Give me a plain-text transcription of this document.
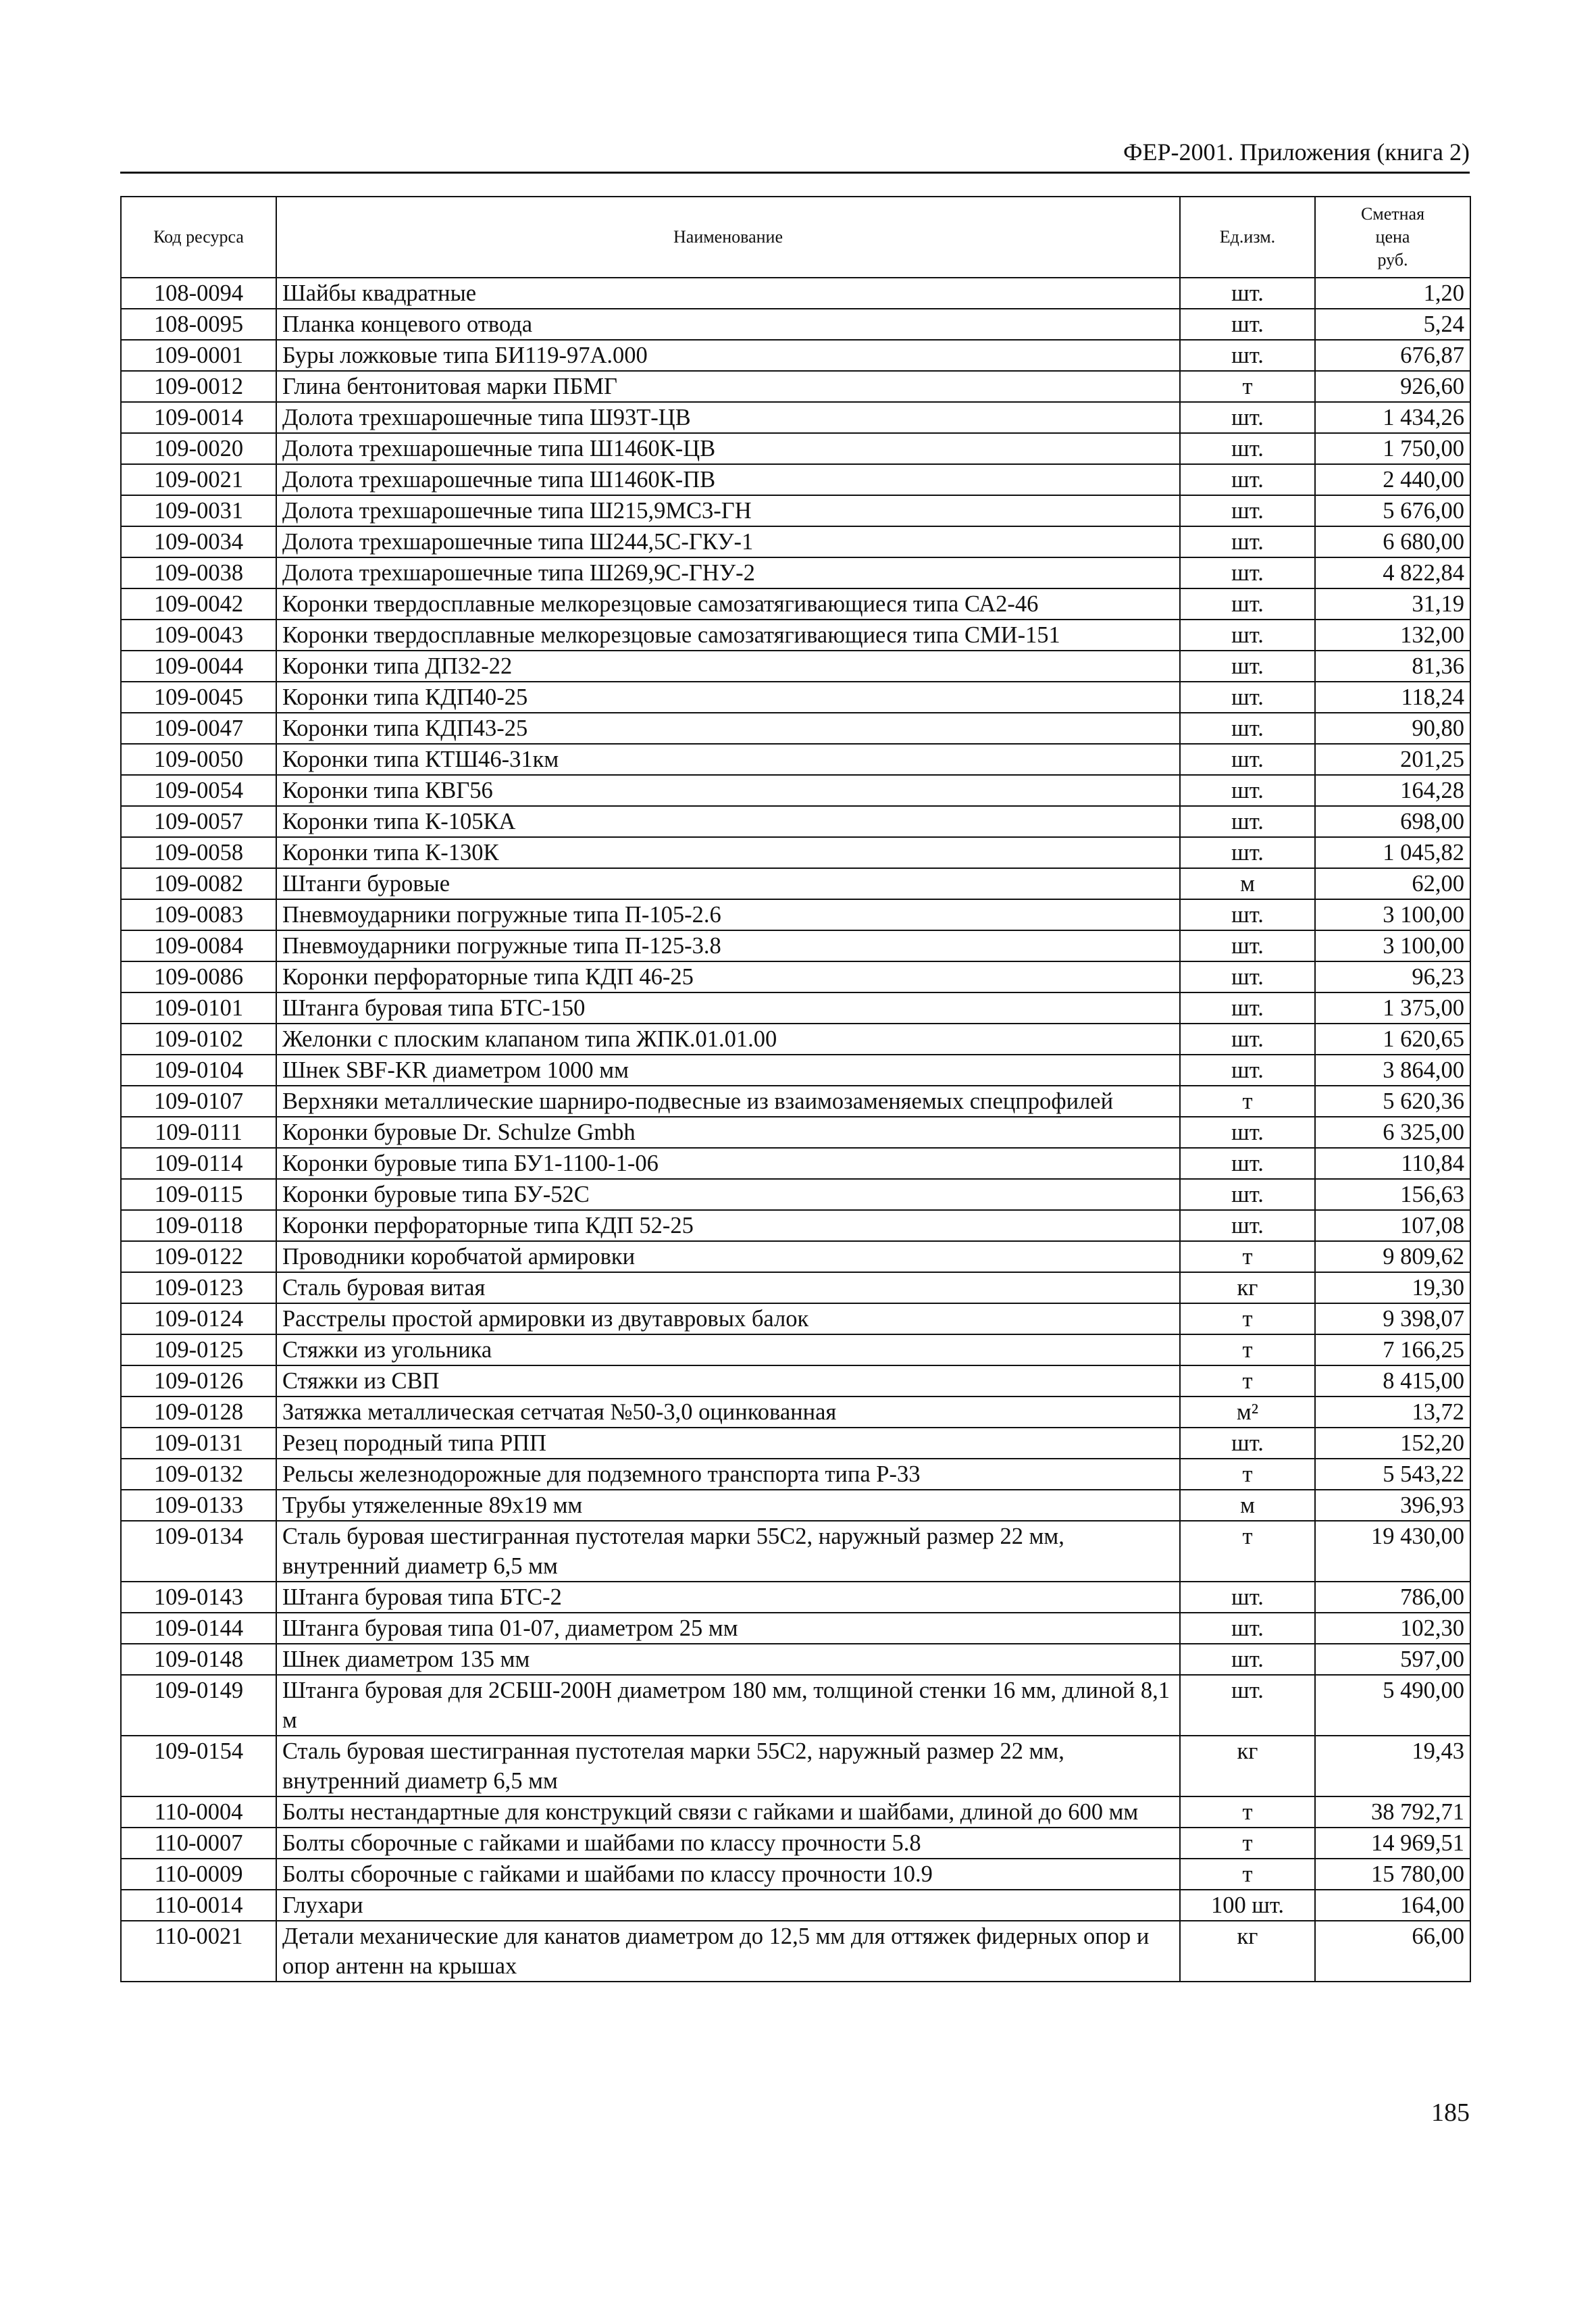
ФЕР-2001. Приложения (книга 2)
Код ресурса	Наименование	Ед.изм.	Сметная
цена
руб.

108-0094	Шайбы квадратные	шт.	1,20
108-0095	Планка концевого отвода	шт.	5,24
109-0001	Буры ложковые типа БИ119-97А.000	шт.	676,87
109-0012	Глина бентонитовая марки ПБМГ	т	926,60
109-0014	Долота трехшарошечные типа Ш93Т-ЦВ	шт.	1 434,26
109-0020	Долота трехшарошечные типа Ш1460К-ЦВ	шт.	1 750,00
109-0021	Долота трехшарошечные типа Ш1460К-ПВ	шт.	2 440,00
109-0031	Долота трехшарошечные типа Ш215,9МС3-ГН	шт.	5 676,00
109-0034	Долота трехшарошечные типа Ш244,5С-ГКУ-1	шт.	6 680,00
109-0038	Долота трехшарошечные типа Ш269,9С-ГНУ-2	шт.	4 822,84
109-0042	Коронки твердосплавные мелкорезцовые самозатягивающиеся типа СА2-46	шт.	31,19
109-0043	Коронки твердосплавные мелкорезцовые самозатягивающиеся типа СМИ-151	шт.	132,00
109-0044	Коронки типа ДП32-22	шт.	81,36
109-0045	Коронки типа КДП40-25	шт.	118,24
109-0047	Коронки типа КДП43-25	шт.	90,80
109-0050	Коронки типа КТШ46-31км	шт.	201,25
109-0054	Коронки типа КВГ56	шт.	164,28
109-0057	Коронки типа К-105КА	шт.	698,00
109-0058	Коронки типа К-130К	шт.	1 045,82
109-0082	Штанги буровые	м	62,00
109-0083	Пневмоударники погружные типа П-105-2.6	шт.	3 100,00
109-0084	Пневмоударники погружные типа П-125-3.8	шт.	3 100,00
109-0086	Коронки перфораторные типа КДП 46-25	шт.	96,23
109-0101	Штанга буровая типа БТС-150	шт.	1 375,00
109-0102	Желонки с плоским клапаном типа ЖПК.01.01.00	шт.	1 620,65
109-0104	Шнек SBF-KR диаметром 1000 мм	шт.	3 864,00
109-0107	Верхняки металлические шарниро-подвесные из взаимозаменяемых спецпрофилей	т	5 620,36
109-0111	Коронки буровые Dr. Schulze Gmbh	шт.	6 325,00
109-0114	Коронки буровые типа БУ1-1100-1-06	шт.	110,84
109-0115	Коронки буровые типа БУ-52С	шт.	156,63
109-0118	Коронки перфораторные типа КДП 52-25	шт.	107,08
109-0122	Проводники коробчатой армировки	т	9 809,62
109-0123	Сталь буровая витая	кг	19,30
109-0124	Расстрелы простой армировки из двутавровых балок	т	9 398,07
109-0125	Стяжки из угольника	т	7 166,25
109-0126	Стяжки из СВП	т	8 415,00
109-0128	Затяжка металлическая сетчатая №50-3,0 оцинкованная	м²	13,72
109-0131	Резец породный типа РПП	шт.	152,20
109-0132	Рельсы железнодорожные для подземного транспорта типа Р-33	т	5 543,22
109-0133	Трубы утяжеленные 89х19 мм	м	396,93
109-0134	Сталь буровая шестигранная пустотелая марки 55С2, наружный размер 22 мм, внутренний диаметр 6,5 мм	т	19 430,00
109-0143	Штанга буровая типа БТС-2	шт.	786,00
109-0144	Штанга буровая типа 01-07, диаметром 25 мм	шт.	102,30
109-0148	Шнек диаметром 135 мм	шт.	597,00
109-0149	Штанга буровая для 2СБШ-200Н диаметром 180 мм, толщиной стенки 16 мм, длиной 8,1 м	шт.	5 490,00
109-0154	Сталь буровая шестигранная пустотелая марки 55С2, наружный размер 22 мм, внутренний диаметр 6,5 мм	кг	19,43
110-0004	Болты нестандартные для конструкций связи с гайками и шайбами, длиной до 600 мм	т	38 792,71
110-0007	Болты сборочные с гайками и шайбами по классу прочности 5.8	т	14 969,51
110-0009	Болты сборочные с гайками и шайбами по классу прочности 10.9	т	15 780,00
110-0014	Глухари	100 шт.	164,00
110-0021	Детали механические для канатов диаметром до 12,5 мм для оттяжек фидерных опор и опор антенн на крышах	кг	66,00
185
